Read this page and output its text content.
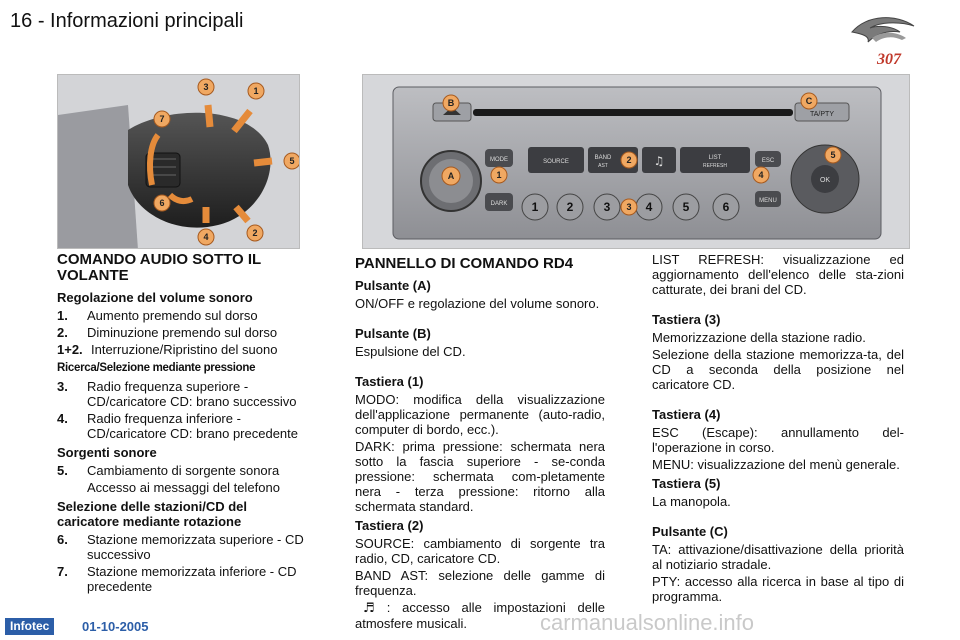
16 - Informazioni principali
307
1
2
3
4
5
6
7	TA/PTY
MODE
DARK
SOURCE
BAND
AST	♫	LIST
REFRESH
ESC
MENU
OK
1 2	3	4	5	6
A
B	C
1
2
3
4
5
COMANDO AUDIO SOTTO IL VOLANTE
Regolazione del volume sonoro
1.	Aumento premendo sul dorso
2.	Diminuzione premendo sul dorso
1+2. Interruzione/Ripristino del suono
Ricerca/Selezione mediante pressione
3.	Radio frequenza superiore - CD/caricatore CD: brano successivo
4.	Radio frequenza inferiore - CD/caricatore CD: brano precedente
Sorgenti sonore
5.	Cambiamento di sorgente sonora
Accesso ai messaggi del telefono
Selezione delle stazioni/CD del caricatore mediante rotazione
6.	Stazione memorizzata superiore - CD successivo
7.	Stazione memorizzata inferiore - CD precedente
PANNELLO DI COMANDO RD4
Pulsante (A)
ON/OFF e regolazione del volume sonoro.
Pulsante (B)
Espulsione del CD.
Tastiera (1)
MODO: modifica della visualizzazione dell'applicazione permanente (auto-radio, computer di bordo, ecc.).
DARK: prima pressione: schermata nera sotto la fascia superiore - se-conda pressione: schermata com-pletamente nera - terza pressione: ritorno alla schermata standard.
Tastiera (2)
SOURCE: cambiamento di sorgente tra radio, CD, caricatore CD.
BAND AST: selezione delle gamme di frequenza.
♬ : accesso alle impostazioni delle atmosfere musicali.
LIST REFRESH: visualizzazione ed aggiornamento dell'elenco delle sta-zioni catturate, dei brani del CD.
Tastiera (3)
Memorizzazione della stazione radio.
Selezione della stazione memorizza-ta, del CD a seconda della posizione nel caricatore CD.
Tastiera (4)
ESC (Escape): annullamento del-l'operazione in corso.
MENU: visualizzazione del menù generale.
Tastiera (5)
La manopola.
Pulsante (C)
TA: attivazione/disattivazione della priorità al notiziario stradale.
PTY: accesso alla ricerca in base al tipo di programma.
Infotec	01-10-2005	carmanualsonline.info
